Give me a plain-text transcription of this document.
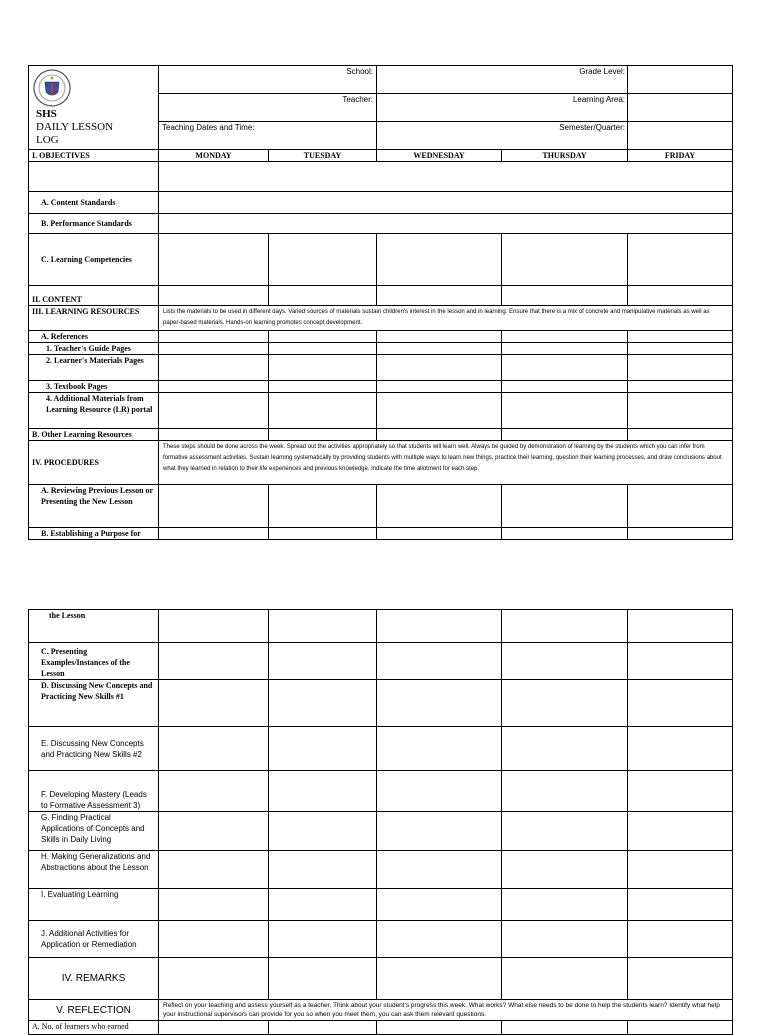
SHS
DAILY LESSON
LOG	School:		Grade Level:		
	Teacher:		Learning Area:		
	Teaching Dates and Time:		Semester/Quarter:		
I. OBJECTIVES	MONDAY	TUESDAY	WEDNESDAY	THURSDAY	FRIDAY

A. Content Standards					
B. Performance Standards					
C. Learning Competencies					
II. CONTENT					
III. LEARNING RESOURCES	Lists the materials to be used in different days. Varied sources of materials sustain children's interest in the lesson and in learning. Ensure that there is a mix of concrete and manipulative materials as well as paper-based materials. Hands-on learning promotes concept development.				
A. References					
1. Teacher's Guide Pages					
2. Learner's Materials Pages					
3. Textbook Pages					
4. Additional Materials from Learning Resource (LR) portal					
B. Other Learning Resources					
IV. PROCEDURES	These steps should be done across the week. Spread out the activities appropriately so that students will learn well. Always be guided by demonstration of learning by the students which you can infer from formative assessment activities. Sustain learning systematically by providing students with multiple ways to learn new things, practice their learning, question their learning processes, and draw conclusions about what they learned in relation to their life experiences and previous knowledge. Indicate the time allotment for each step.				
A. Reviewing Previous Lesson or Presenting the New Lesson					
B. Establishing a Purpose for					
the Lesson					
C. Presenting Examples/Instances of the Lesson					
D. Discussing New Concepts and Practicing New Skills #1					
E. Discussing New Concepts and Practicing New Skills #2					
F. Developing Mastery (Leads to Formative Assessment 3)					
G. Finding Practical Applications of Concepts and Skills in Daily Living					
H. Making Generalizations and Abstractions about the Lesson					
I. Evaluating Learning					
J. Additional Activities for Application or Remediation					
IV. REMARKS					
V. REFLECTION	Reflect on your teaching and assess yourself as a teacher. Think about your student's progress this week. What works? What else needs to be done to help the students learn? Identify what help your instructional supervisors can provide for you so when you meet them, you can ask them relevant questions.				
A. No. of learners who earned					
